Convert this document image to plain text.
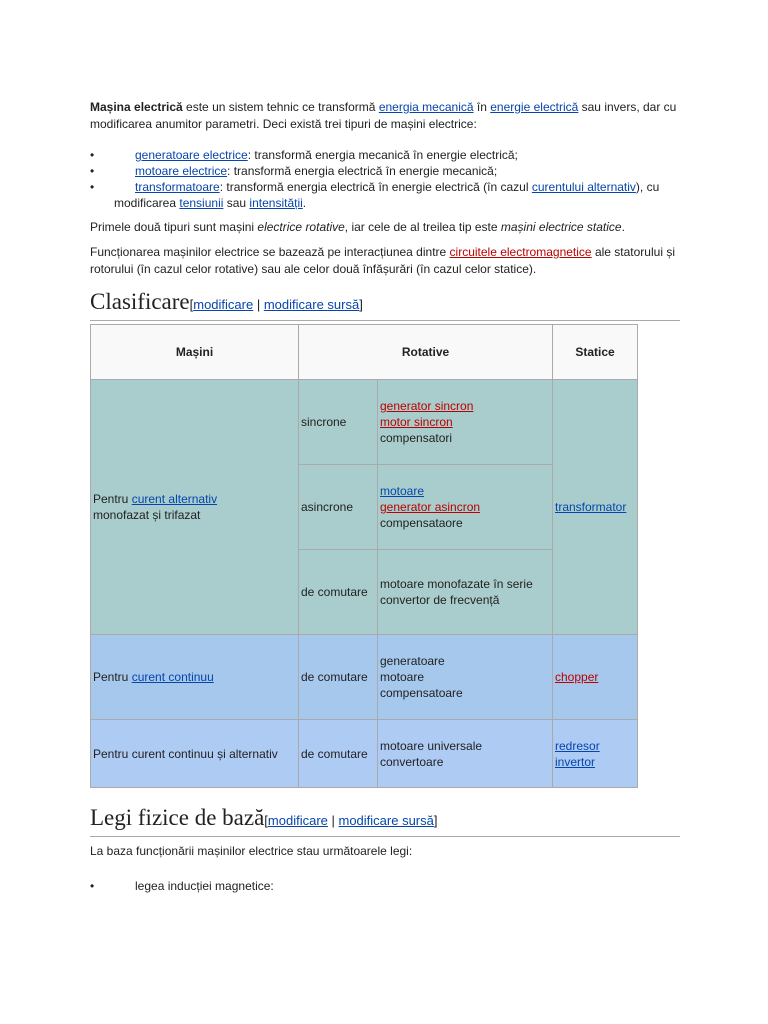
Mașina electrică este un sistem tehnic ce transformă energia mecanică în energie electrică sau invers, dar cu modificarea anumitor parametri. Deci există trei tipuri de mașini electrice:

•	generatoare electrice: transformă energia mecanică în energie electrică;
•	motoare electrice: transformă energia electrică în energie mecanică;
•	transformatoare: transformă energia electrică în energie electrică (în cazul curentului alternativ), cu modificarea tensiunii sau intensității.

Primele două tipuri sunt mașini electrice rotative, iar cele de al treilea tip este mașini electrice statice.

Funcționarea mașinilor electrice se bazează pe interacțiunea dintre circuitele electromagnetice ale statorului și rotorului (în cazul celor rotative) sau ale celor două înfășurări (în cazul celor statice).

Clasificare[modificare | modificare sursă]
Mașini	Rotative		Statice
Pentru curent alternativ
monofazat și trifazat	sincrone	generator sincron
motor sincron
compensatori	transformator
	asincrone	motoare
generator asincron
compensataore	
	de comutare	motoare monofazate în serie
convertor de frecvență	
Pentru curent continuu	de comutare	generatoare
motoare
compensatoare	chopper
Pentru curent continuu și alternativ	de comutare	motoare universale
convertoare	redresor
invertor
Legi fizice de bază[modificare | modificare sursă]

La baza funcționării mașinilor electrice stau următoarele legi:

•	legea inducției magnetice:
